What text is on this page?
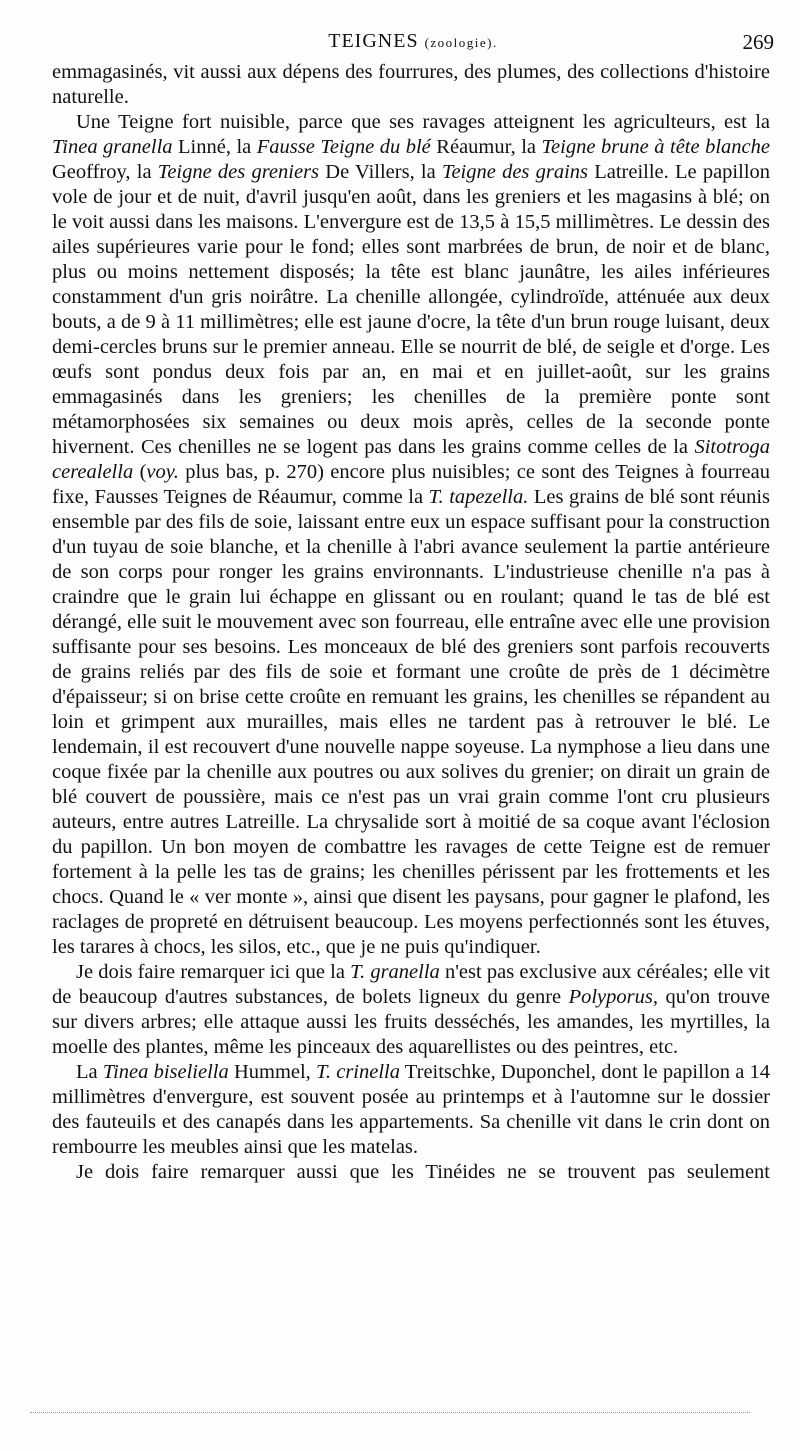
TEIGNES (zoologie).	269

emmagasinés, vit aussi aux dépens des fourrures, des plumes, des collections d'histoire naturelle.

Une Teigne fort nuisible, parce que ses ravages atteignent les agriculteurs, est la Tinea granella Linné, la Fausse Teigne du blé Réaumur, la Teigne brune à tête blanche Geoffroy, la Teigne des greniers De Villers, la Teigne des grains Latreille. Le papillon vole de jour et de nuit, d'avril jusqu'en août, dans les greniers et les magasins à blé; on le voit aussi dans les maisons. L'envergure est de 13,5 à 15,5 millimètres. Le dessin des ailes supérieures varie pour le fond; elles sont marbrées de brun, de noir et de blanc, plus ou moins nettement disposés; la tête est blanc jaunâtre, les ailes inférieures constamment d'un gris noirâtre. La chenille allongée, cylindroïde, atténuée aux deux bouts, a de 9 à 11 millimètres; elle est jaune d'ocre, la tête d'un brun rouge luisant, deux demi-cercles bruns sur le premier anneau. Elle se nourrit de blé, de seigle et d'orge. Les œufs sont pondus deux fois par an, en mai et en juillet-août, sur les grains emmagasinés dans les greniers; les chenilles de la première ponte sont métamorphosées six semaines ou deux mois après, celles de la seconde ponte hivernent. Ces chenilles ne se logent pas dans les grains comme celles de la Sitotroga cerealella (voy. plus bas, p. 270) encore plus nuisibles; ce sont des Teignes à fourreau fixe, Fausses Teignes de Réaumur, comme la T. tapezella. Les grains de blé sont réunis ensemble par des fils de soie, laissant entre eux un espace suffisant pour la construction d'un tuyau de soie blanche, et la chenille à l'abri avance seulement la partie antérieure de son corps pour ronger les grains environnants. L'industrieuse chenille n'a pas à craindre que le grain lui échappe en glissant ou en roulant; quand le tas de blé est dérangé, elle suit le mouvement avec son fourreau, elle entraîne avec elle une provision suffisante pour ses besoins. Les monceaux de blé des greniers sont parfois recouverts de grains reliés par des fils de soie et formant une croûte de près de 1 décimètre d'épaisseur; si on brise cette croûte en remuant les grains, les chenilles se répandent au loin et grimpent aux murailles, mais elles ne tardent pas à retrouver le blé. Le lendemain, il est recouvert d'une nouvelle nappe soyeuse. La nymphose a lieu dans une coque fixée par la chenille aux poutres ou aux solives du grenier; on dirait un grain de blé couvert de poussière, mais ce n'est pas un vrai grain comme l'ont cru plusieurs auteurs, entre autres Latreille. La chrysalide sort à moitié de sa coque avant l'éclosion du papillon. Un bon moyen de combattre les ravages de cette Teigne est de remuer fortement à la pelle les tas de grains; les chenilles périssent par les frottements et les chocs. Quand le « ver monte », ainsi que disent les paysans, pour gagner le plafond, les raclages de propreté en détruisent beaucoup. Les moyens perfectionnés sont les étuves, les tarares à chocs, les silos, etc., que je ne puis qu'indiquer.

Je dois faire remarquer ici que la T. granella n'est pas exclusive aux céréales; elle vit de beaucoup d'autres substances, de bolets ligneux du genre Polyporus, qu'on trouve sur divers arbres; elle attaque aussi les fruits desséchés, les amandes, les myrtilles, la moelle des plantes, même les pinceaux des aquarellistes ou des peintres, etc.

La Tinea biseliella Hummel, T. crinella Treitschke, Duponchel, dont le papillon a 14 millimètres d'envergure, est souvent posée au printemps et à l'automne sur le dossier des fauteuils et des canapés dans les appartements. Sa chenille vit dans le crin dont on rembourre les meubles ainsi que les matelas.

Je dois faire remarquer aussi que les Tinéides ne se trouvent pas seulement
